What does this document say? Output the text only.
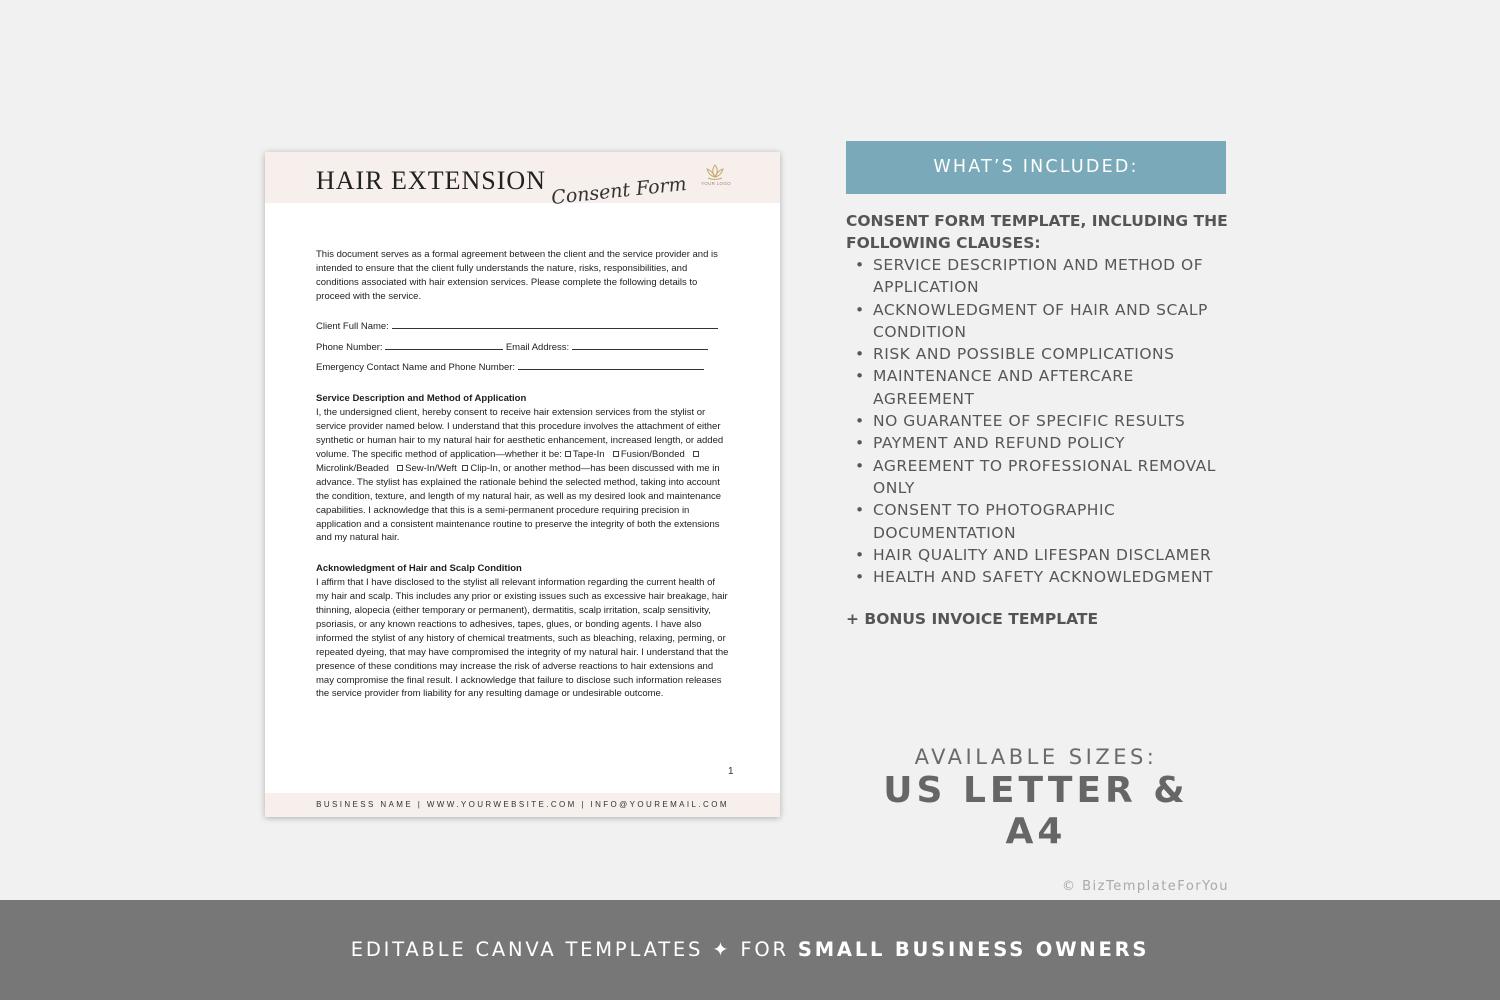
HAIR EXTENSION Consent Form	YOUR LOGO

This document serves as a formal agreement between the client and the service provider and is intended to ensure that the client fully understands the nature, risks, responsibilities, and conditions associated with hair extension services. Please complete the following details to proceed with the service.

Client Full Name:
Phone Number:	Email Address:
Emergency Contact Name and Phone Number:
Service Description and Method of Application

I, the undersigned client, hereby consent to receive hair extension services from the stylist or service provider named below. I understand that this procedure involves the attachment of either synthetic or human hair to my natural hair for aesthetic enhancement, increased length, or added volume. The specific method of application—whether it be: Tape-In Fusion/Bonded  Microlink/Beaded Sew-In/Weft Clip-In, or another method—has been discussed with me in advance. The stylist has explained the rationale behind the selected method, taking into account the condition, texture, and length of my natural hair, as well as my desired look and maintenance capabilities. I acknowledge that this is a semi-permanent procedure requiring precision in application and a consistent maintenance routine to preserve the integrity of both the extensions and my natural hair.

Acknowledgment of Hair and Scalp Condition

I affirm that I have disclosed to the stylist all relevant information regarding the current health of my hair and scalp. This includes any prior or existing issues such as excessive hair breakage, hair thinning, alopecia (either temporary or permanent), dermatitis, scalp irritation, scalp sensitivity, psoriasis, or any known reactions to adhesives, tapes, glues, or bonding agents. I have also informed the stylist of any history of chemical treatments, such as bleaching, relaxing, perming, or repeated dyeing, that may have compromised the integrity of my natural hair. I understand that the presence of these conditions may increase the risk of adverse reactions to hair extensions and may compromise the final result. I acknowledge that failure to disclose such information releases the service provider from liability for any resulting damage or undesirable outcome.

1
BUSINESS NAME | WWW.YOURWEBSITE.COM | INFO@YOUREMAIL.COM
WHAT’S INCLUDED:
CONSENT FORM TEMPLATE, INCLUDING THE FOLLOWING CLAUSES:
• SERVICE DESCRIPTION AND METHOD OF APPLICATION
• ACKNOWLEDGMENT OF HAIR AND SCALP CONDITION
• RISK AND POSSIBLE COMPLICATIONS
• MAINTENANCE AND AFTERCARE AGREEMENT
• NO GUARANTEE OF SPECIFIC RESULTS
• PAYMENT AND REFUND POLICY
• AGREEMENT TO PROFESSIONAL REMOVAL ONLY
• CONSENT TO PHOTOGRAPHIC DOCUMENTATION
• HAIR QUALITY AND LIFESPAN DISCLAMER
• HEALTH AND SAFETY ACKNOWLEDGMENT
+ BONUS INVOICE TEMPLATE
AVAILABLE SIZES:
US LETTER & A4
© BizTemplateForYou
EDITABLE CANVA TEMPLATES ✦ FOR SMALL BUSINESS OWNERS
